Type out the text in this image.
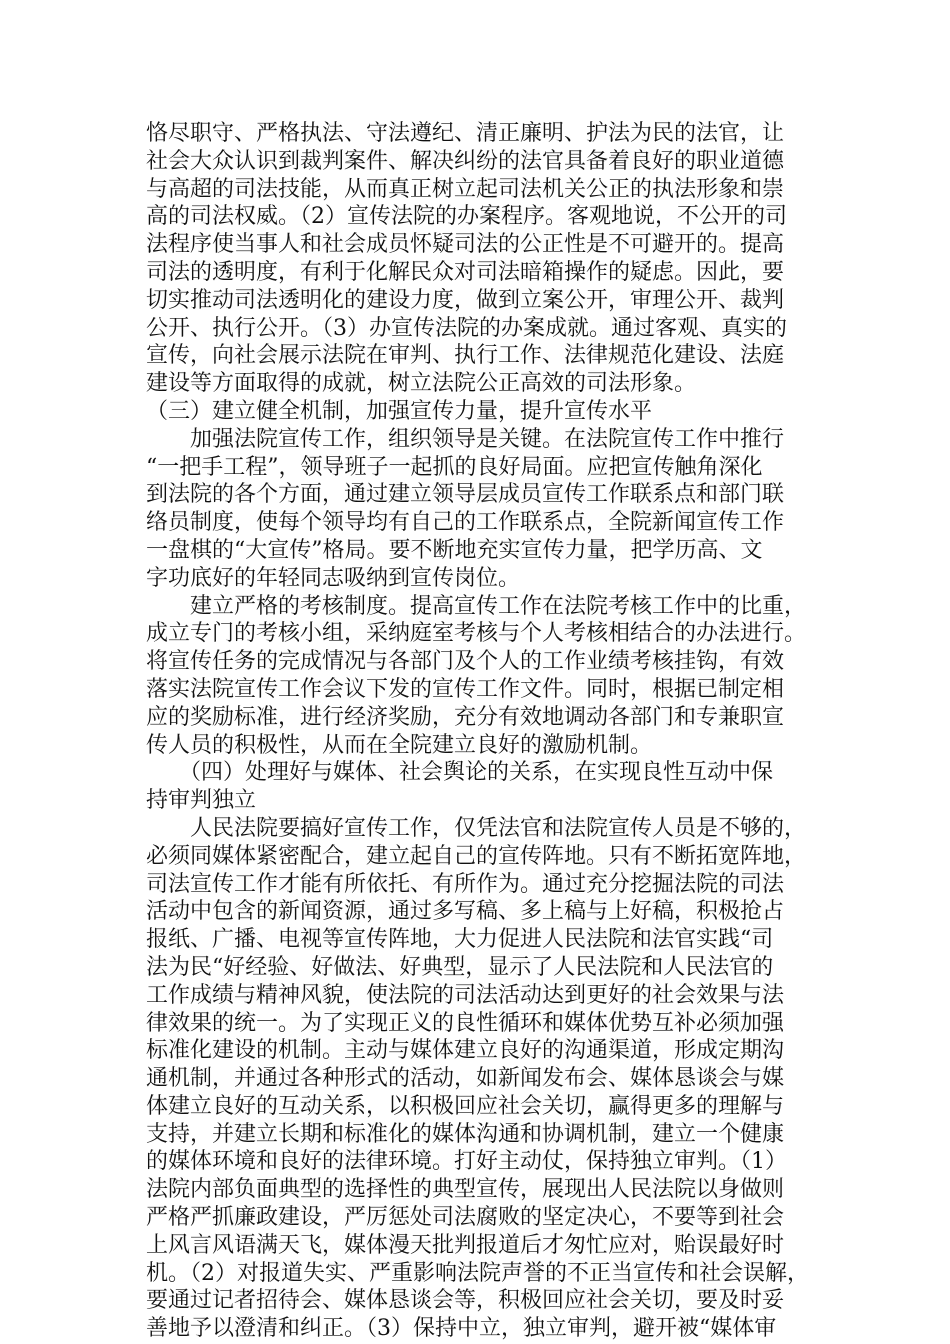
恪尽职守、严格执法、守法遵纪、清正廉明、护法为民的法官，让
社会大众认识到裁判案件、解决纠纷的法官具备着良好的职业道德
与高超的司法技能，从而真正树立起司法机关公正的执法形象和崇
高的司法权威。（2）宣传法院的办案程序。客观地说，不公开的司
法程序使当事人和社会成员怀疑司法的公正性是不可避开的。提高
司法的透明度，有利于化解民众对司法暗箱操作的疑虑。因此，要
切实推动司法透明化的建设力度，做到立案公开，审理公开、裁判
公开、执行公开。（3）办宣传法院的办案成就。通过客观、真实的
宣传，向社会展示法院在审判、执行工作、法律规范化建设、法庭
建设等方面取得的成就，树立法院公正高效的司法形象。
（三）建立健全机制，加强宣传力量，提升宣传水平
　　加强法院宣传工作，组织领导是关键。在法院宣传工作中推行
“一把手工程”，领导班子一起抓的良好局面。应把宣传触角深化
到法院的各个方面，通过建立领导层成员宣传工作联系点和部门联
络员制度，使每个领导均有自己的工作联系点，全院新闻宣传工作
一盘棋的“大宣传”格局。要不断地充实宣传力量，把学历高、文
字功底好的年轻同志吸纳到宣传岗位。
　　建立严格的考核制度。提高宣传工作在法院考核工作中的比重，
成立专门的考核小组，采纳庭室考核与个人考核相结合的办法进行。
将宣传任务的完成情况与各部门及个人的工作业绩考核挂钩，有效
落实法院宣传工作会议下发的宣传工作文件。同时，根据已制定相
应的奖励标准，进行经济奖励，充分有效地调动各部门和专兼职宣
传人员的积极性，从而在全院建立良好的激励机制。
　　（四）处理好与媒体、社会舆论的关系，在实现良性互动中保
持审判独立
　　人民法院要搞好宣传工作，仅凭法官和法院宣传人员是不够的，
必须同媒体紧密配合，建立起自己的宣传阵地。只有不断拓宽阵地，
司法宣传工作才能有所依托、有所作为。通过充分挖掘法院的司法
活动中包含的新闻资源，通过多写稿、多上稿与上好稿，积极抢占
报纸、广播、电视等宣传阵地，大力促进人民法院和法官实践“司
法为民“好经验、好做法、好典型，显示了人民法院和人民法官的
工作成绩与精神风貌，使法院的司法活动达到更好的社会效果与法
律效果的统一。为了实现正义的良性循环和媒体优势互补必须加强
标准化建设的机制。主动与媒体建立良好的沟通渠道，形成定期沟
通机制，并通过各种形式的活动，如新闻发布会、媒体恳谈会与媒
体建立良好的互动关系，以积极回应社会关切，赢得更多的理解与
支持，并建立长期和标准化的媒体沟通和协调机制，建立一个健康
的媒体环境和良好的法律环境。打好主动仗，保持独立审判。（1）
法院内部负面典型的选择性的典型宣传，展现出人民法院以身做则
严格严抓廉政建设，严厉惩处司法腐败的坚定决心，不要等到社会
上风言风语满天飞，媒体漫天批判报道后才匆忙应对，贻误最好时
机。（2）对报道失实、严重影响法院声誉的不正当宣传和社会误解，
要通过记者招待会、媒体恳谈会等，积极回应社会关切，要及时妥
善地予以澄清和纠正。（3）保持中立，独立审判，避开被“媒体审
